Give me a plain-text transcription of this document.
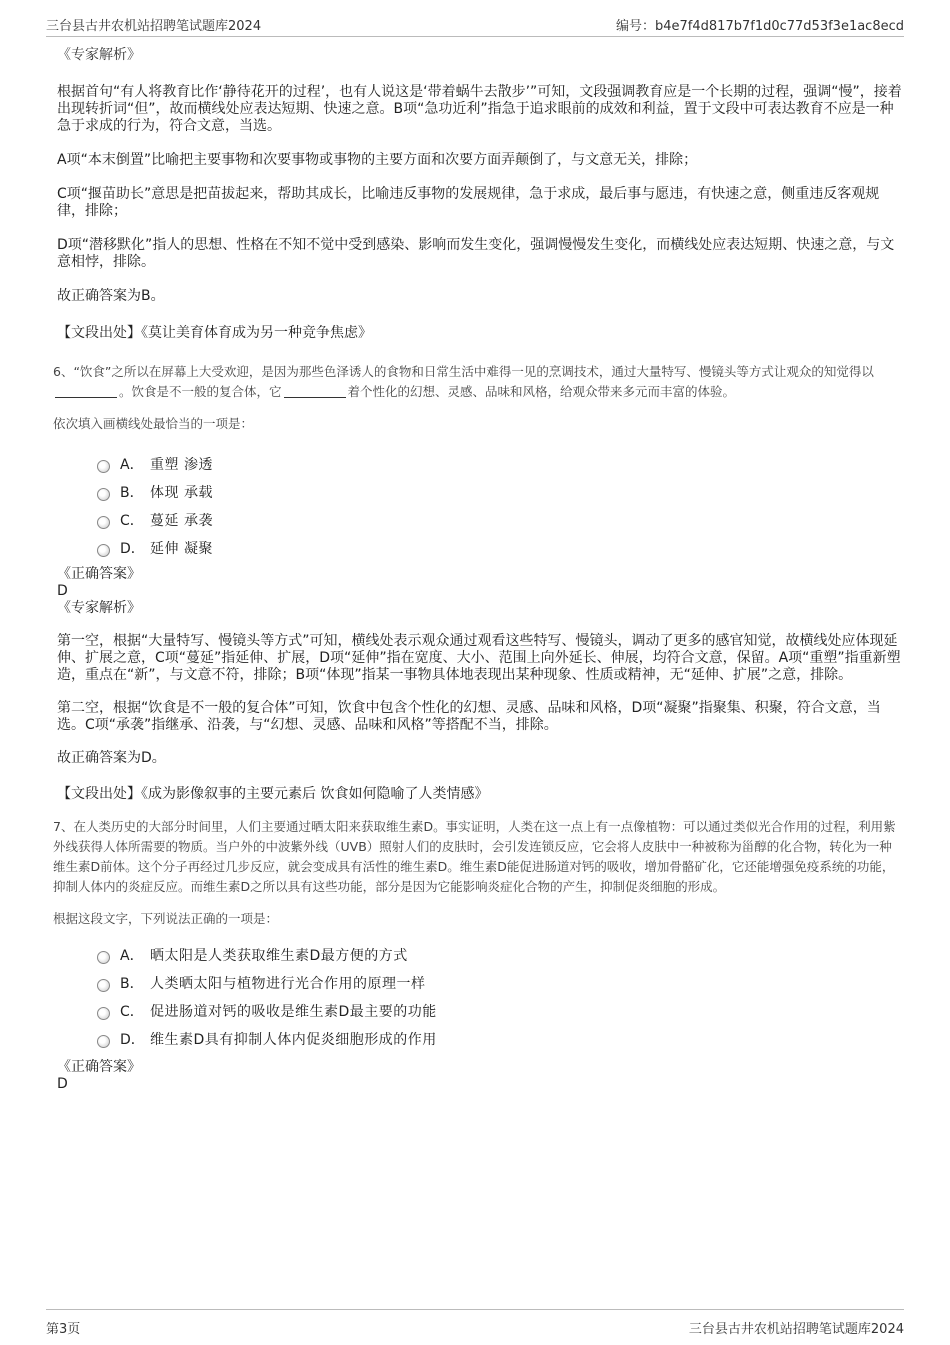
三台县古井农机站招聘笔试题库2024	编号：b4e7f4d817b7f1d0c77d53f3e1ac8ecd

《专家解析》

根据首句“有人将教育比作‘静待花开的过程’，也有人说这是‘带着蜗牛去散步’”可知，文段强调教育应是一个长期的过程，强调“慢”，接着出现转折词“但”，故而横线处应表达短期、快速之意。B项“急功近利”指急于追求眼前的成效和利益，置于文段中可表达教育不应是一种急于求成的行为，符合文意，当选。

A项“本末倒置”比喻把主要事物和次要事物或事物的主要方面和次要方面弄颠倒了，与文意无关，排除；

C项“揠苗助长”意思是把苗拔起来，帮助其成长，比喻违反事物的发展规律，急于求成，最后事与愿违，有快速之意，侧重违反客观规律，排除；

D项“潜移默化”指人的思想、性格在不知不觉中受到感染、影响而发生变化，强调慢慢发生变化，而横线处应表达短期、快速之意，与文意相悖，排除。

故正确答案为B。

【文段出处】《莫让美育体育成为另一种竞争焦虑》

6、“饮食”之所以在屏幕上大受欢迎，是因为那些色泽诱人的食物和日常生活中难得一见的烹调技术，通过大量特写、慢镜头等方式让观众的知觉得以。饮食是不一般的复合体，它	着个性化的幻想、灵感、品味和风格，给观众带来多元而丰富的体验。

依次填入画横线处最恰当的一项是：

A． 重塑 渗透
B． 体现 承载
C． 蔓延 承袭
D． 延伸 凝聚

《正确答案》

D

《专家解析》

第一空，根据“大量特写、慢镜头等方式”可知，横线处表示观众通过观看这些特写、慢镜头，调动了更多的感官知觉，故横线处应体现延伸、扩展之意，C项“蔓延”指延伸、扩展，D项“延伸”指在宽度、大小、范围上向外延长、伸展，均符合文意，保留。A项“重塑”指重新塑造，重点在“新”，与文意不符，排除；B项“体现”指某一事物具体地表现出某种现象、性质或精神，无“延伸、扩展”之意，排除。

第二空，根据“饮食是不一般的复合体”可知，饮食中包含个性化的幻想、灵感、品味和风格，D项“凝聚”指聚集、积聚，符合文意，当选。C项“承袭”指继承、沿袭，与“幻想、灵感、品味和风格”等搭配不当，排除。

故正确答案为D。

【文段出处】《成为影像叙事的主要元素后 饮食如何隐喻了人类情感》

7、在人类历史的大部分时间里，人们主要通过晒太阳来获取维生素D。事实证明，人类在这一点上有一点像植物：可以通过类似光合作用的过程，利用紫外线获得人体所需要的物质。当户外的中波紫外线（UVB）照射人们的皮肤时，会引发连锁反应，它会将人皮肤中一种被称为甾醇的化合物，转化为一种维生素D前体。这个分子再经过几步反应，就会变成具有活性的维生素D。维生素D能促进肠道对钙的吸收，增加骨骼矿化，它还能增强免疫系统的功能，抑制人体内的炎症反应。而维生素D之所以具有这些功能，部分是因为它能影响炎症化合物的产生，抑制促炎细胞的形成。

根据这段文字，下列说法正确的一项是：

A． 晒太阳是人类获取维生素D最方便的方式
B． 人类晒太阳与植物进行光合作用的原理一样
C． 促进肠道对钙的吸收是维生素D最主要的功能
D． 维生素D具有抑制人体内促炎细胞形成的作用

《正确答案》

D

第3页	三台县古井农机站招聘笔试题库2024
